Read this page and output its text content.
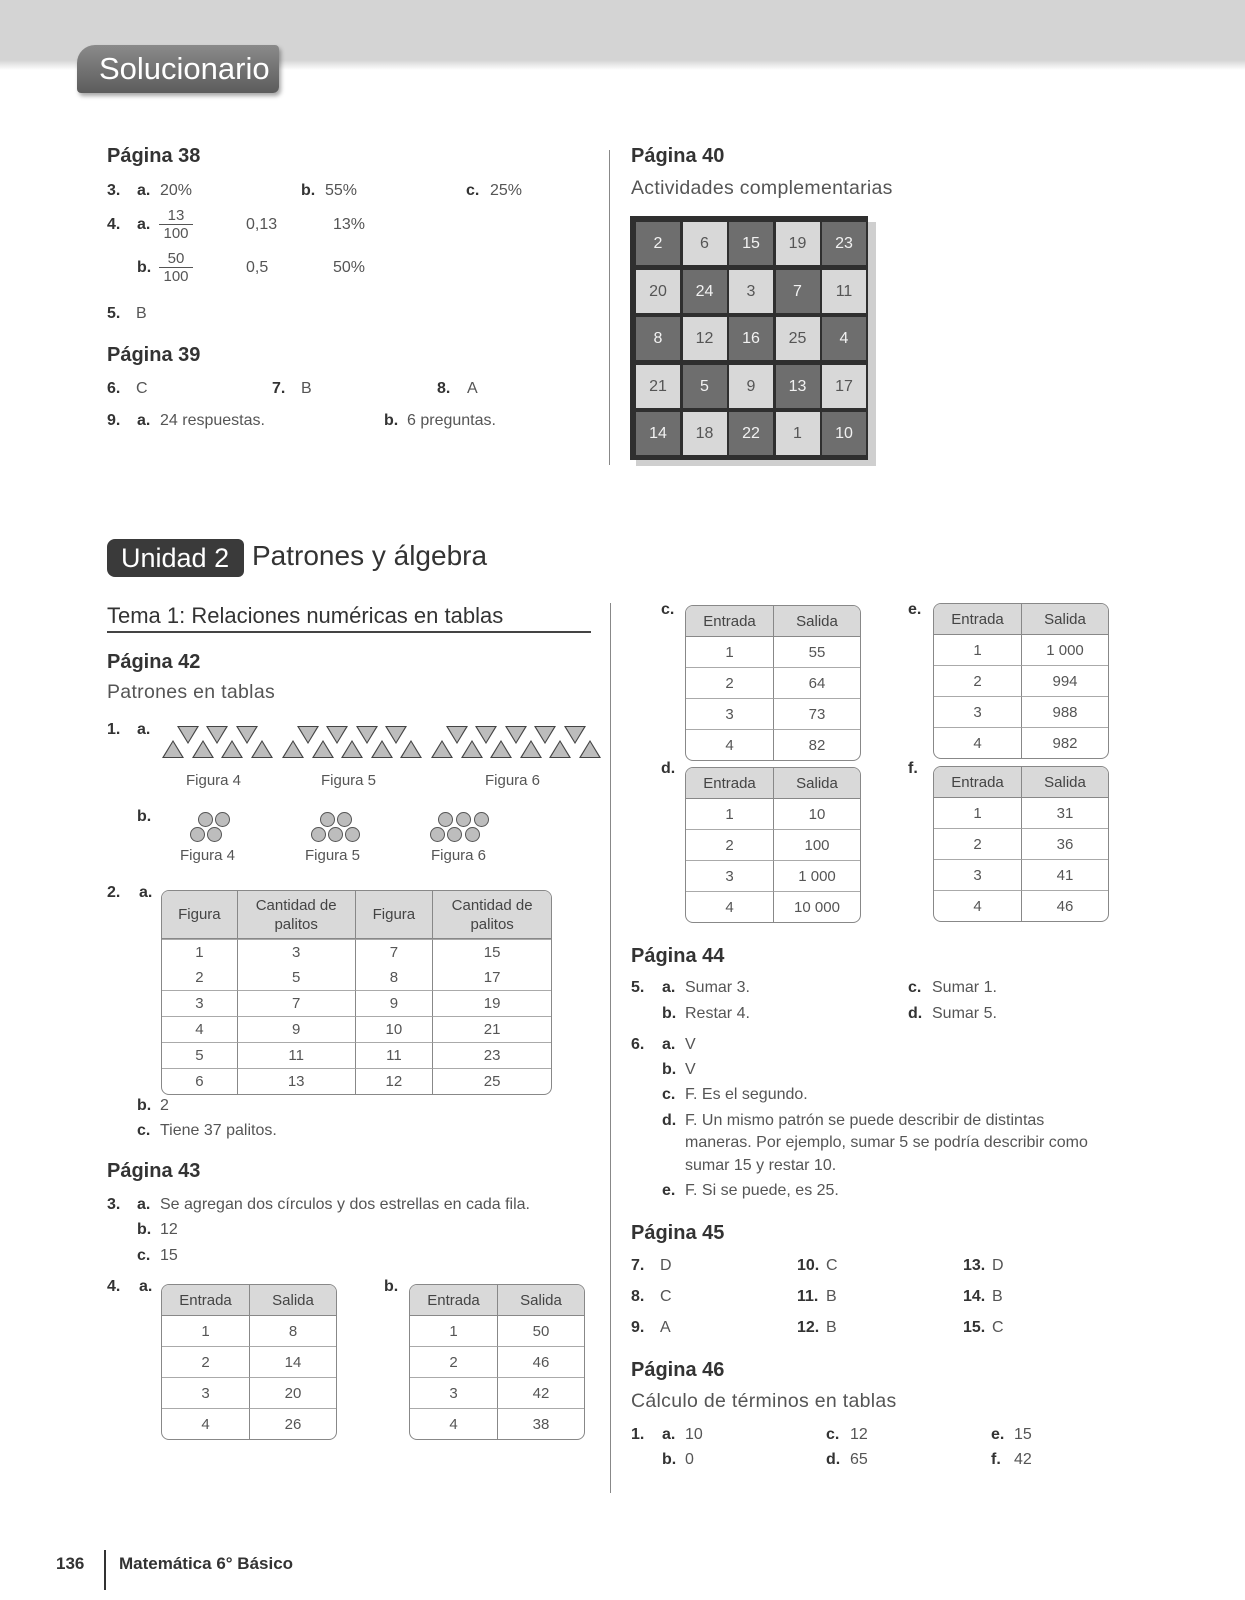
Solucionario
Página 38
3. a. 20%	b. 55%	c. 25%
4. a. $\frac{13}{100}$	0,13	13%
b. $\frac{50}{100}$	0,5	50%
5. B
Página 39
6. C	7. B	8. A
9. a. 24 respuestas.	b. 6 preguntas.
Página 40
Actividades complementarias
2	6	15	19	23
20	24	3	7	11
8	12	16	25	4
21	5	9	13	17
14	18	22	1	10
Unidad 2 Patrones y álgebra
Tema 1: Relaciones numéricas en tablas
Página 42
Patrones en tablas
1. a.
Figura 4	Figura 5	Figura 6
b.
Figura 4	Figura 5	Figura 6
2. a.
Figura	Cantidad de palitos	Figura	Cantidad de palitos
1	3	7	15
2	5	8	17
3	7	9	19
4	9	10	21
5	11	11	23
6	13	12	25
b. 2
c. Tiene 37 palitos.
Página 43
3. a. Se agregan dos círculos y dos estrellas en cada fila.
b. 12
c. 15
4. a.
Entrada	Salida
1	8
2	14
3	20
4	26
b.
Entrada	Salida
1	50
2	46
3	42
4	38
c.
Entrada	Salida
1	55
2	64
3	73
4	82
e.
Entrada	Salida
1	1 000
2	994
3	988
4	982
d.
Entrada	Salida
1	10
2	100
3	1 000
4	10 000
f.
Entrada	Salida
1	31
2	36
3	41
4	46
Página 44
5. a. Sumar 3.
b. Restar 4.
c. Sumar 1.
d. Sumar 5.
6. a. V
b. V
c. F. Es el segundo.
d. F. Un mismo patrón se puede describir de distintas
maneras. Por ejemplo, sumar 5 se podría describir como
sumar 15 y restar 10.
e. F. Si se puede, es 25.
Página 45
7. D	10. C	13. D
8. C	11. B	14. B
9. A	12. B	15. C
Página 46
Cálculo de términos en tablas
1. a. 10
b. 0
c. 12
d. 65
e. 15
f. 42
136 Matemática 6° Básico
